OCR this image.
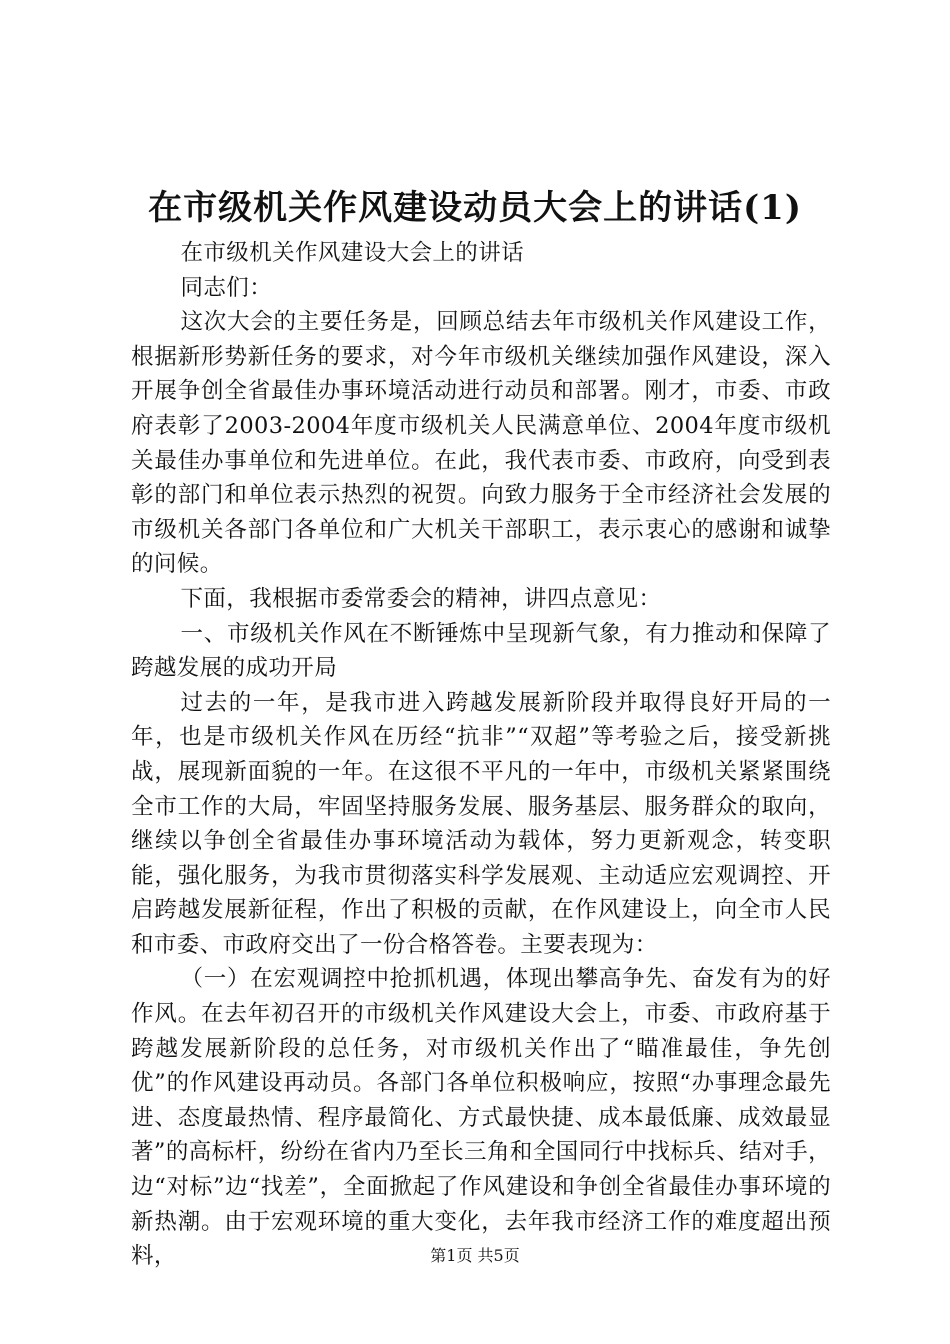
在市级机关作风建设动员大会上的讲话(1)

在市级机关作风建设大会上的讲话

同志们：

这次大会的主要任务是，回顾总结去年市级机关作风建设工作，根据新形势新任务的要求，对今年市级机关继续加强作风建设，深入开展争创全省最佳办事环境活动进行动员和部署。刚才，市委、市政府表彰了2003-2004年度市级机关人民满意单位、2004年度市级机关最佳办事单位和先进单位。在此，我代表市委、市政府，向受到表彰的部门和单位表示热烈的祝贺。向致力服务于全市经济社会发展的市级机关各部门各单位和广大机关干部职工，表示衷心的感谢和诚挚的问候。

下面，我根据市委常委会的精神，讲四点意见：

一、市级机关作风在不断锤炼中呈现新气象，有力推动和保障了跨越发展的成功开局

过去的一年，是我市进入跨越发展新阶段并取得良好开局的一年，也是市级机关作风在历经“抗非”“双超”等考验之后，接受新挑战，展现新面貌的一年。在这很不平凡的一年中，市级机关紧紧围绕全市工作的大局，牢固坚持服务发展、服务基层、服务群众的取向，继续以争创全省最佳办事环境活动为载体，努力更新观念，转变职能，强化服务，为我市贯彻落实科学发展观、主动适应宏观调控、开启跨越发展新征程，作出了积极的贡献，在作风建设上，向全市人民和市委、市政府交出了一份合格答卷。主要表现为：

（一）在宏观调控中抢抓机遇，体现出攀高争先、奋发有为的好作风。在去年初召开的市级机关作风建设大会上，市委、市政府基于跨越发展新阶段的总任务，对市级机关作出了“瞄准最佳，争先创优”的作风建设再动员。各部门各单位积极响应，按照“办事理念最先进、态度最热情、程序最简化、方式最快捷、成本最低廉、成效最显著”的高标杆，纷纷在省内乃至长三角和全国同行中找标兵、结对手，边“对标”边“找差”，全面掀起了作风建设和争创全省最佳办事环境的新热潮。由于宏观环境的重大变化，去年我市经济工作的难度超出预料，	第1页 共5页
